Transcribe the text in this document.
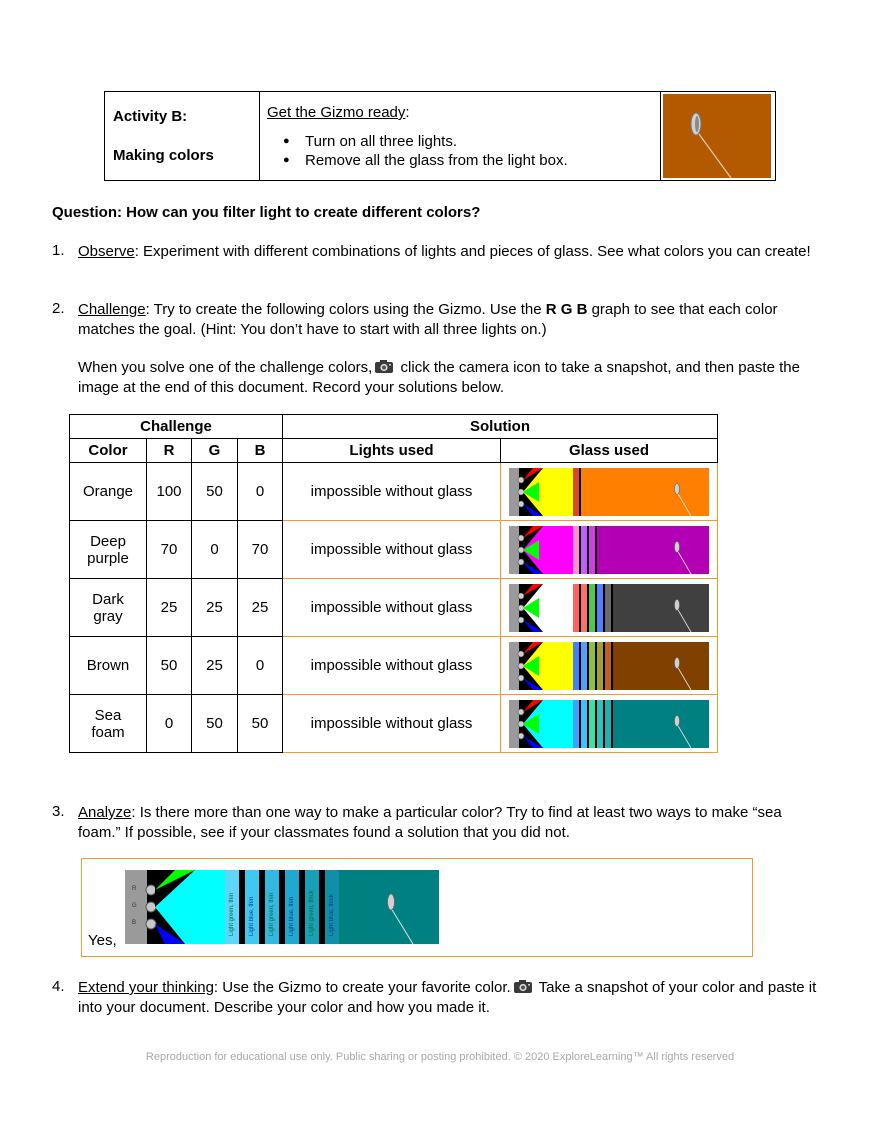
Activity B:
Making colors
Get the Gizmo ready:
● Turn on all three lights.
● Remove all the glass from the light box.
Question: How can you filter light to create different colors?
1. Observe: Experiment with different combinations of lights and pieces of glass. See what colors you can create!
2. Challenge: Try to create the following colors using the Gizmo. Use the R G B graph to see that each color matches the goal. (Hint: You don’t have to start with all three lights on.)
When you solve one of the challenge colors, click the camera icon to take a snapshot, and then paste the image at the end of this document. Record your solutions below.
Challenge				Solution	
Color	R	G	B	Lights used	Glass used

Orange	100	50	0	impossible without glass	

Deep
purple	70	0	70	impossible without glass	

Dark
gray	25	25	25	impossible without glass	

Brown	50	25	0	impossible without glass	

Sea
foam	0	50	50	impossible without glass	
3. Analyze: Is there more than one way to make a particular color? Try to find at least two ways to make “sea foam.” If possible, see if your classmates found a solution that you did not.
Yes,
R
G
B	Light green, thin Light blue, thin Light green, thin Light blue, thin Light green, thick Light blue, thick
4. Extend your thinking: Use the Gizmo to create your favorite color. Take a snapshot of your color and paste it into your document. Describe your color and how you made it.
Reproduction for educational use only. Public sharing or posting prohibited. © 2020 ExploreLearning™ All rights reserved
